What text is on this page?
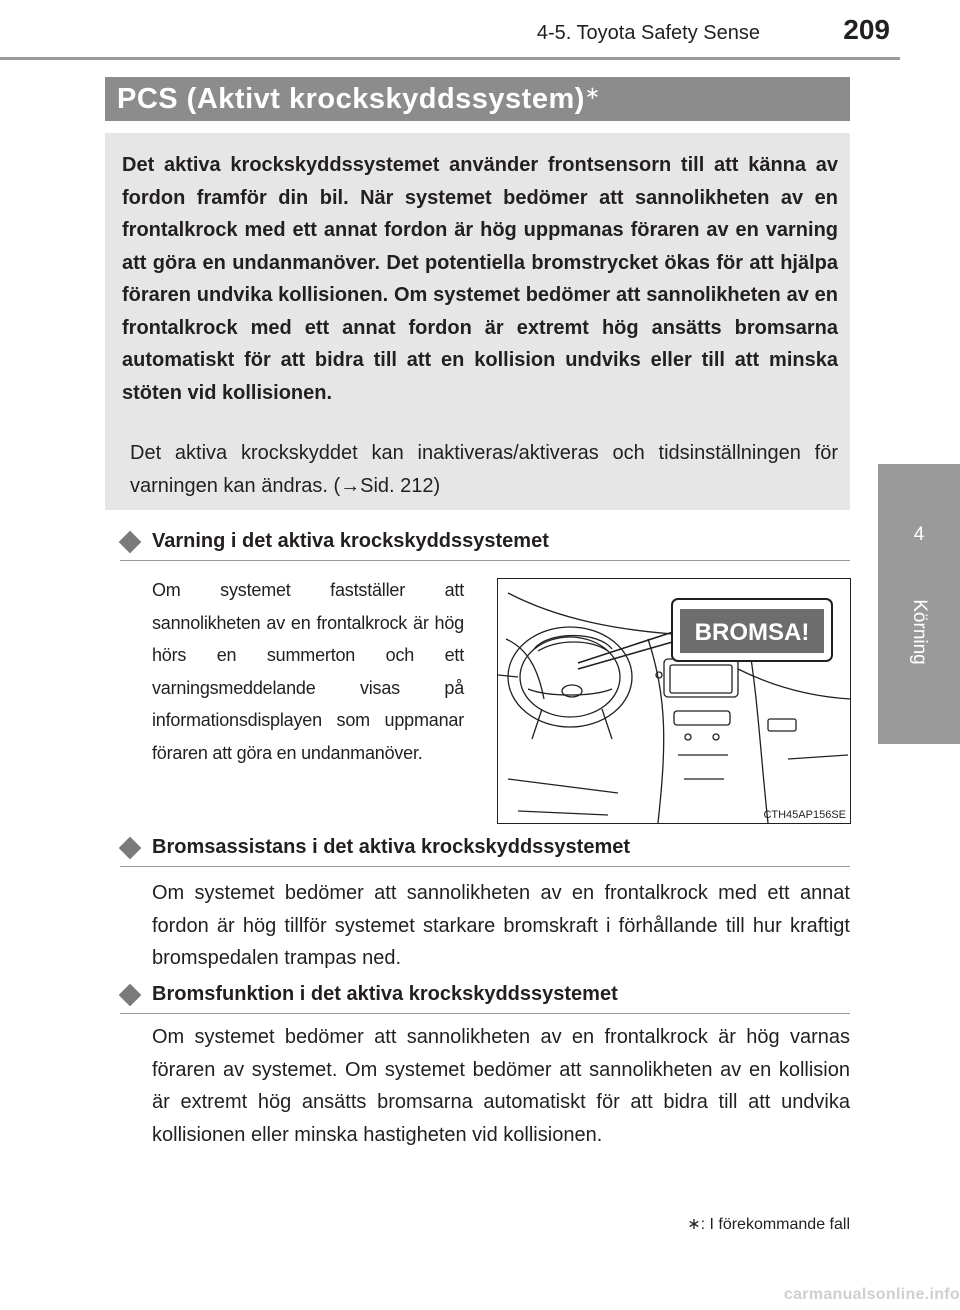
4-5. Toyota Safety Sense	209
4
Körning
PCS (Aktivt krockskyddssystem)∗

Det aktiva krockskyddssystemet använder frontsensorn till att känna av fordon framför din bil. När systemet bedömer att sannolikheten av en frontalkrock med ett annat fordon är hög uppmanas föraren av en varning att göra en undanmanöver. Det potentiella bromstrycket ökas för att hjälpa föraren undvika kollisionen. Om systemet bedömer att sannolikheten av en frontalkrock med ett annat fordon är extremt hög ansätts bromsarna automatiskt för att bidra till att en kollision undviks eller till att minska stöten vid kollisionen.

Det aktiva krockskyddet kan inaktiveras/aktiveras och tidsinställningen för varningen kan ändras. (→Sid. 212)

Varning i det aktiva krockskyddssystemet

Om systemet fastställer att sannolikheten av en frontalkrock är hög hörs en summerton och ett varningsmeddelande visas på informationsdisplayen som uppmanar föraren att göra en undanmanöver.

BROMSA!
CTH45AP156SE
Bromsassistans i det aktiva krockskyddssystemet

Om systemet bedömer att sannolikheten av en frontalkrock med ett annat fordon är hög tillför systemet starkare bromskraft i förhållande till hur kraftigt bromspedalen trampas ned.

Bromsfunktion i det aktiva krockskyddssystemet

Om systemet bedömer att sannolikheten av en frontalkrock är hög varnas föraren av systemet. Om systemet bedömer att sannolikheten av en kollision är extremt hög ansätts bromsarna automatiskt för att bidra till att undvika kollisionen eller minska hastigheten vid kollisionen.

∗: I förekommande fall
carmanualsonline.info
